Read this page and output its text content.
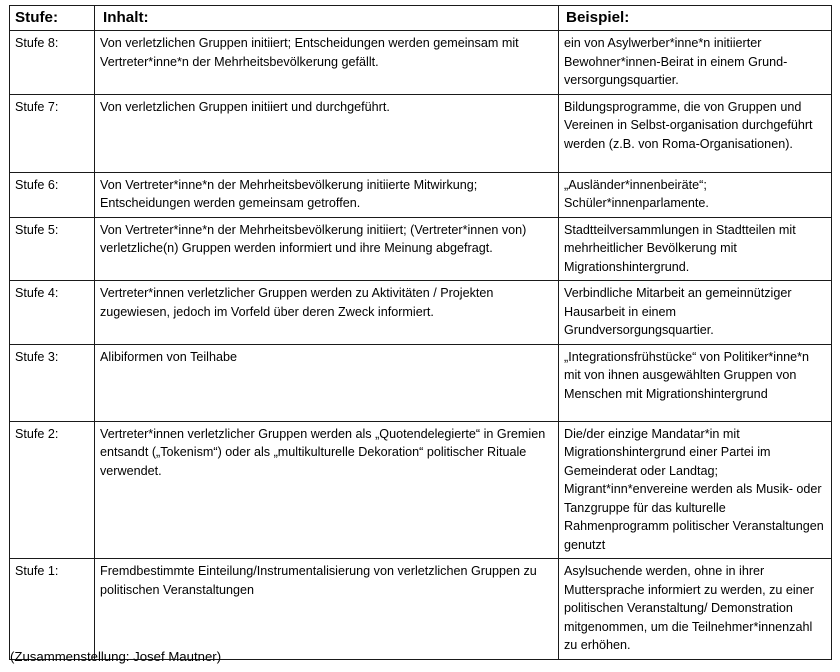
Stufe:	Inhalt:	Beispiel:
Stufe 8:	Von verletzlichen Gruppen initiiert; Entscheidungen werden gemeinsam mit Vertreter*inne*n der Mehrheitsbevölkerung gefällt.	ein von Asylwerber*inne*n initiierter Bewohner*innen-Beirat in einem Grund-versorgungsquartier.
Stufe 7:	Von verletzlichen Gruppen initiiert und durchgeführt.	Bildungsprogramme, die von Gruppen und Vereinen in Selbst-organisation durchgeführt werden (z.B. von Roma-Organisationen).
Stufe 6:	Von Vertreter*inne*n der Mehrheitsbevölkerung initiierte Mitwirkung; Entscheidungen werden gemeinsam getroffen.	„Ausländer*innenbeiräte“; Schüler*innenparlamente.
Stufe 5:	Von Vertreter*inne*n der Mehrheitsbevölkerung initiiert; (Vertreter*innen von) verletzliche(n) Gruppen werden informiert und ihre Meinung abgefragt.	Stadtteilversammlungen in Stadtteilen mit mehrheitlicher Bevölkerung mit Migrationshintergrund.
Stufe 4:	Vertreter*innen verletzlicher Gruppen werden zu Aktivitäten / Projekten zugewiesen, jedoch im Vorfeld über deren Zweck informiert.	Verbindliche Mitarbeit an gemeinnütziger Hausarbeit in einem Grundversorgungsquartier.
Stufe 3:	Alibiformen von Teilhabe	„Integrationsfrühstücke“ von Politiker*inne*n mit von ihnen ausgewählten Gruppen von Menschen mit Migrationshintergrund
Stufe 2:	Vertreter*innen verletzlicher Gruppen werden als „Quotendelegierte“ in Gremien entsandt („Tokenism“) oder als „multikulturelle Dekoration“ politischer Rituale verwendet.	Die/der einzige Mandatar*in mit Migrationshintergrund einer Partei im Gemeinderat oder Landtag; Migrant*inn*envereine werden als Musik- oder Tanzgruppe für das kulturelle Rahmenprogramm politischer Veranstaltungen genutzt
Stufe 1:	Fremdbestimmte Einteilung/Instrumentalisierung von verletzlichen Gruppen zu politischen Veranstaltungen	Asylsuchende werden, ohne in ihrer Muttersprache informiert zu werden, zu einer politischen Veranstaltung/ Demonstration mitgenommen, um die Teilnehmer*innenzahl zu erhöhen.
(Zusammenstellung: Josef Mautner)
